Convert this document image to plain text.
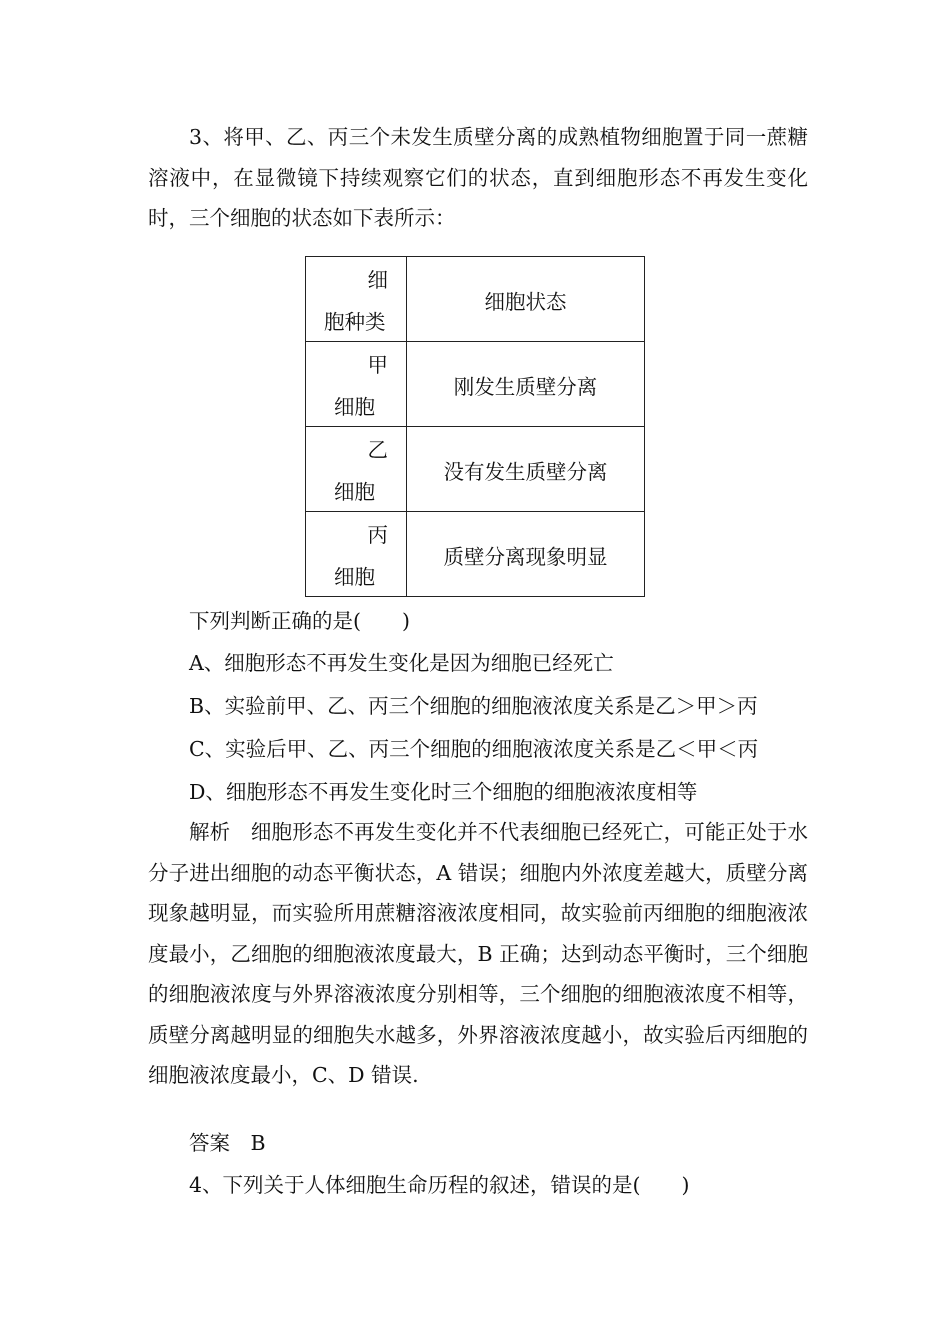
3、将甲、乙、丙三个未发生质壁分离的成熟植物细胞置于同一蔗糖溶液中，在显微镜下持续观察它们的状态，直到细胞形态不再发生变化时，三个细胞的状态如下表所示：
细
胞种类	细胞状态

甲
细胞	刚发生质壁分离

乙
细胞	没有发生质壁分离

丙
细胞	质壁分离现象明显
下列判断正确的是(　　)
A、细胞形态不再发生变化是因为细胞已经死亡
B、实验前甲、乙、丙三个细胞的细胞液浓度关系是乙＞甲＞丙
C、实验后甲、乙、丙三个细胞的细胞液浓度关系是乙＜甲＜丙
D、细胞形态不再发生变化时三个细胞的细胞液浓度相等
解析　细胞形态不再发生变化并不代表细胞已经死亡，可能正处于水分子进出细胞的动态平衡状态，A 错误；细胞内外浓度差越大，质壁分离现象越明显，而实验所用蔗糖溶液浓度相同，故实验前丙细胞的细胞液浓度最小，乙细胞的细胞液浓度最大，B 正确；达到动态平衡时，三个细胞的细胞液浓度与外界溶液浓度分别相等，三个细胞的细胞液浓度不相等，质壁分离越明显的细胞失水越多，外界溶液浓度越小，故实验后丙细胞的细胞液浓度最小，C、D 错误.
答案　B
4、下列关于人体细胞生命历程的叙述，错误的是(　　)
